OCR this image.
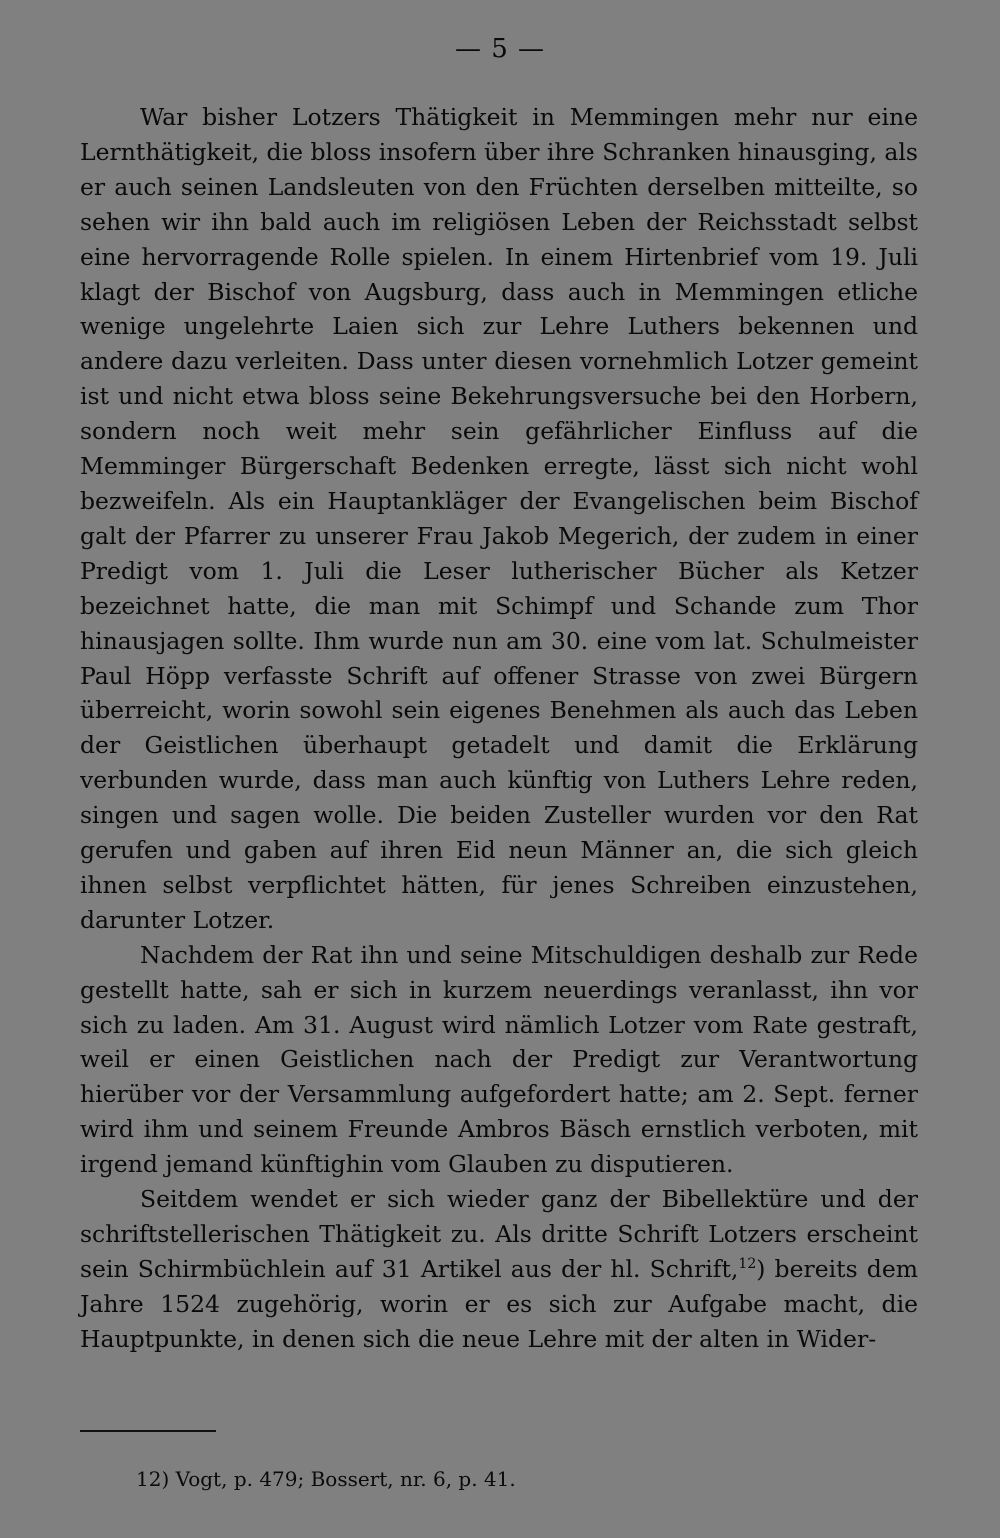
— 5 —

War bisher Lotzers Thätigkeit in Memmingen mehr nur eine Lernthätigkeit, die bloss insofern über ihre Schranken hinausging, als er auch seinen Landsleuten von den Früchten derselben mitteilte, so sehen wir ihn bald auch im religiösen Leben der Reichsstadt selbst eine hervorragende Rolle spielen. In einem Hirtenbrief vom 19. Juli klagt der Bischof von Augsburg, dass auch in Memmingen etliche wenige ungelehrte Laien sich zur Lehre Luthers bekennen und andere dazu verleiten. Dass unter diesen vornehmlich Lotzer gemeint ist und nicht etwa bloss seine Bekehrungsversuche bei den Horbern, sondern noch weit mehr sein gefährlicher Einfluss auf die Memminger Bürgerschaft Bedenken erregte, lässt sich nicht wohl bezweifeln. Als ein Hauptankläger der Evangelischen beim Bischof galt der Pfarrer zu unserer Frau Jakob Megerich, der zudem in einer Predigt vom 1. Juli die Leser lutherischer Bücher als Ketzer bezeichnet hatte, die man mit Schimpf und Schande zum Thor hinausjagen sollte. Ihm wurde nun am 30. eine vom lat. Schulmeister Paul Höpp verfasste Schrift auf offener Strasse von zwei Bürgern überreicht, worin sowohl sein eigenes Benehmen als auch das Leben der Geistlichen überhaupt getadelt und damit die Erklärung verbunden wurde, dass man auch künftig von Luthers Lehre reden, singen und sagen wolle. Die beiden Zusteller wurden vor den Rat gerufen und gaben auf ihren Eid neun Männer an, die sich gleich ihnen selbst verpflichtet hätten, für jenes Schreiben einzustehen, darunter Lotzer.

Nachdem der Rat ihn und seine Mitschuldigen deshalb zur Rede gestellt hatte, sah er sich in kurzem neuerdings veranlasst, ihn vor sich zu laden. Am 31. August wird nämlich Lotzer vom Rate gestraft, weil er einen Geistlichen nach der Predigt zur Verantwortung hierüber vor der Versammlung aufgefordert hatte; am 2. Sept. ferner wird ihm und seinem Freunde Ambros Bäsch ernstlich verboten, mit irgend jemand künftighin vom Glauben zu disputieren.

Seitdem wendet er sich wieder ganz der Bibellektüre und der schriftstellerischen Thätigkeit zu. Als dritte Schrift Lotzers erscheint sein Schirmbüchlein auf 31 Artikel aus der hl. Schrift,$^{12}$) bereits dem Jahre 1524 zugehörig, worin er es sich zur Aufgabe macht, die Hauptpunkte, in denen sich die neue Lehre mit der alten in Wider-

12) Vogt, p. 479; Bossert, nr. 6, p. 41.
